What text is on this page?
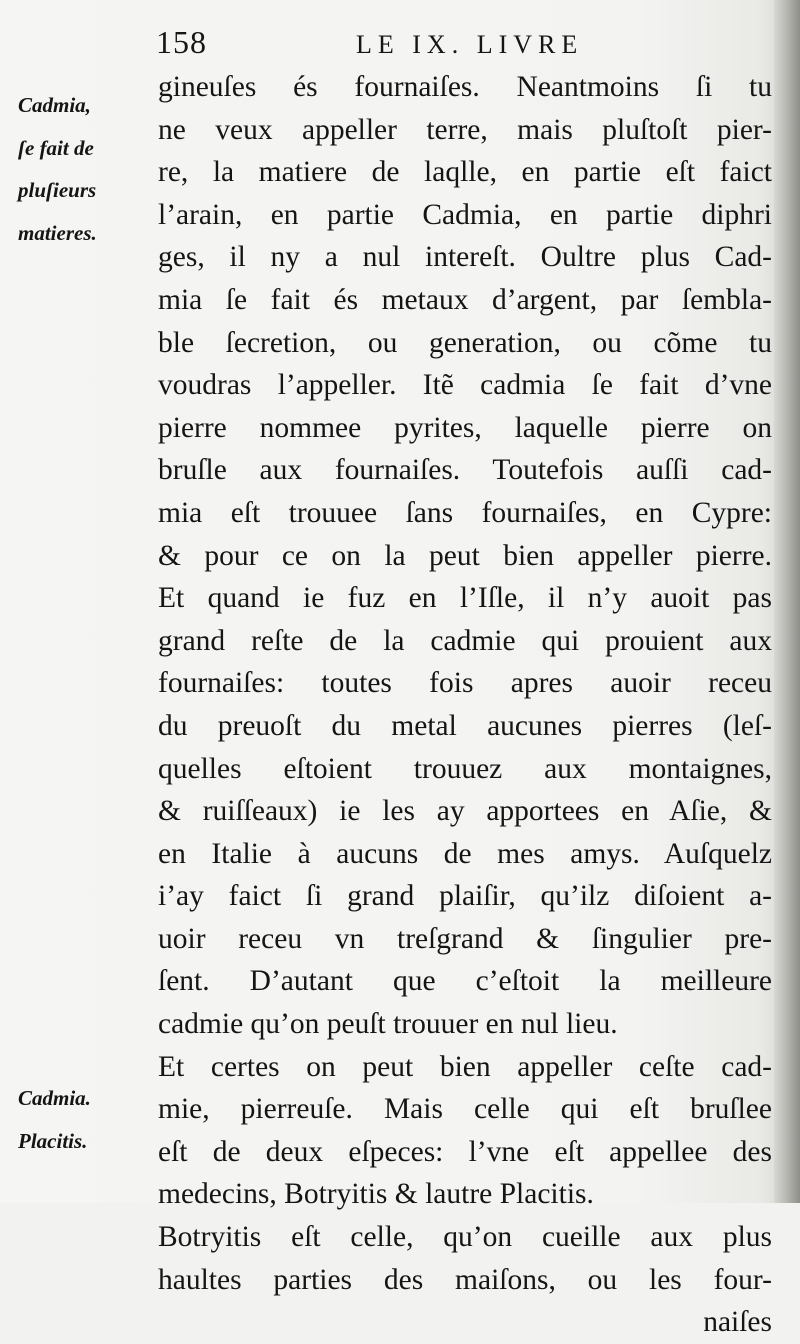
158	LE IX. LIVRE
Cadmia,
ſe fait de
pluſieurs
matieres.
Cadmia.
Placitis.
gineuſes és fournaiſes. Neantmoins ſi tu
ne veux appeller terre, mais pluſtoſt pier-
re, la matiere de laqlle, en partie eſt faict
l’arain, en partie Cadmia, en partie diphri
ges, il ny a nul intereſt. Oultre plus Cad-
mia ſe fait és metaux d’argent, par ſembla-
ble ſecretion, ou generation, ou cõme tu
voudras l’appeller. Itẽ cadmia ſe fait d’vne
pierre nommee pyrites, laquelle pierre on
bruſle aux fournaiſes. Toutefois auſſi cad-
mia eſt trouuee ſans fournaiſes, en Cypre:
& pour ce on la peut bien appeller pierre.
Et quand ie fuz en l’Iſle, il n’y auoit pas
grand reſte de la cadmie qui prouient aux
fournaiſes: toutes fois apres auoir receu
du preuoſt du metal aucunes pierres (leſ-
quelles eſtoient trouuez aux montaignes,
& ruiſſeaux) ie les ay apportees en Aſie, &
en Italie à aucuns de mes amys. Auſquelz
i’ay faict ſi grand plaiſir, qu’ilz diſoient a-
uoir receu vn treſgrand & ſingulier pre-
ſent. D’autant que c’eſtoit la meilleure
cadmie qu’on peuſt trouuer en nul lieu.
Et certes on peut bien appeller ceſte cad-
mie, pierreuſe. Mais celle qui eſt bruſlee
eſt de deux eſpeces: l’vne eſt appellee des
medecins, Botryitis & lautre Placitis.
Botryitis eſt celle, qu’on cueille aux plus
haultes parties des maiſons, ou les four-
naiſes
